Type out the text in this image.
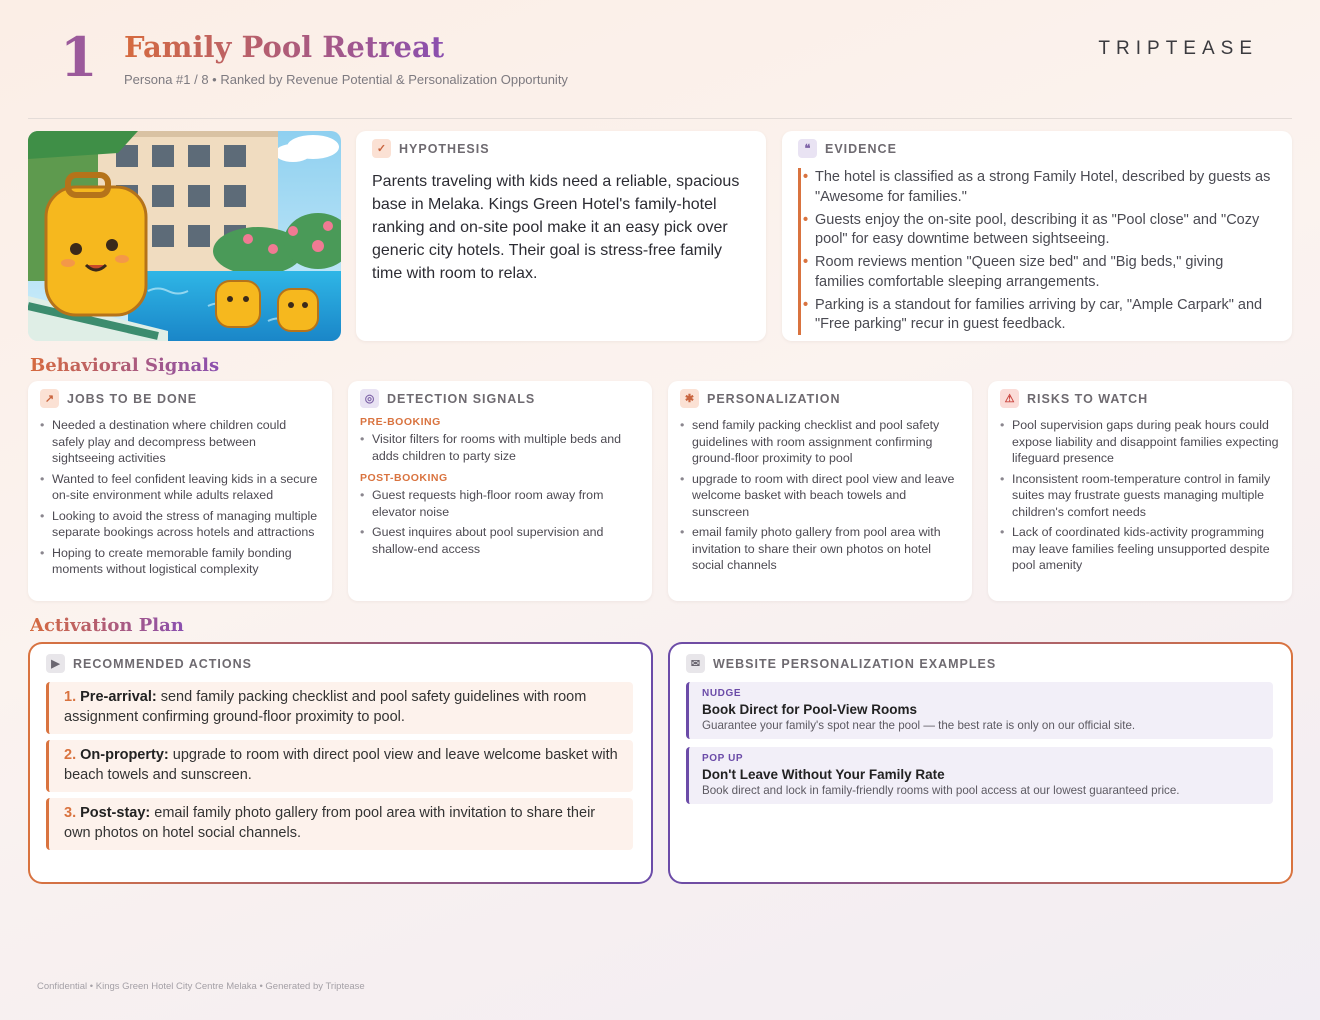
1 Family Pool Retreat
Persona #1 / 8 • Ranked by Revenue Potential & Personalization Opportunity
TRIPTEASE
✓	HYPOTHESIS
Parents traveling with kids need a reliable, spacious base in Melaka. Kings Green Hotel's family-hotel ranking and on-site pool make it an easy pick over generic city hotels. Their goal is stress-free family time with room to relax.
❝	EVIDENCE
• The hotel is classified as a strong Family Hotel, described by guests as "Awesome for families."
• Guests enjoy the on-site pool, describing it as "Pool close" and "Cozy pool" for easy downtime between sightseeing.
• Room reviews mention "Queen size bed" and "Big beds," giving families comfortable sleeping arrangements.
• Parking is a standout for families arriving by car, "Ample Carpark" and "Free parking" recur in guest feedback.
Behavioral Signals
↗	JOBS TO BE DONE
• Needed a destination where children could safely play and decompress between sightseeing activities
• Wanted to feel confident leaving kids in a secure on-site environment while adults relaxed
• Looking to avoid the stress of managing multiple separate bookings across hotels and attractions
• Hoping to create memorable family bonding moments without logistical complexity
◎	DETECTION SIGNALS
PRE-BOOKING
• Visitor filters for rooms with multiple beds and adds children to party size
POST-BOOKING
• Guest requests high-floor room away from elevator noise
• Guest inquires about pool supervision and shallow-end access
✱	PERSONALIZATION
• send family packing checklist and pool safety guidelines with room assignment confirming ground-floor proximity to pool
• upgrade to room with direct pool view and leave welcome basket with beach towels and sunscreen
• email family photo gallery from pool area with invitation to share their own photos on hotel social channels
⚠	RISKS TO WATCH
• Pool supervision gaps during peak hours could expose liability and disappoint families expecting lifeguard presence
• Inconsistent room-temperature control in family suites may frustrate guests managing multiple children's comfort needs
• Lack of coordinated kids-activity programming may leave families feeling unsupported despite pool amenity
Activation Plan
▶	RECOMMENDED ACTIONS
1. Pre-arrival: send family packing checklist and pool safety guidelines with room assignment confirming ground-floor proximity to pool.
2. On-property: upgrade to room with direct pool view and leave welcome basket with beach towels and sunscreen.
3. Post-stay: email family photo gallery from pool area with invitation to share their own photos on hotel social channels.
✉	WEBSITE PERSONALIZATION EXAMPLES
NUDGE
Book Direct for Pool-View Rooms
Guarantee your family's spot near the pool — the best rate is only on our official site.
POP UP
Don't Leave Without Your Family Rate
Book direct and lock in family-friendly rooms with pool access at our lowest guaranteed price.
Confidential • Kings Green Hotel City Centre Melaka • Generated by Triptease
